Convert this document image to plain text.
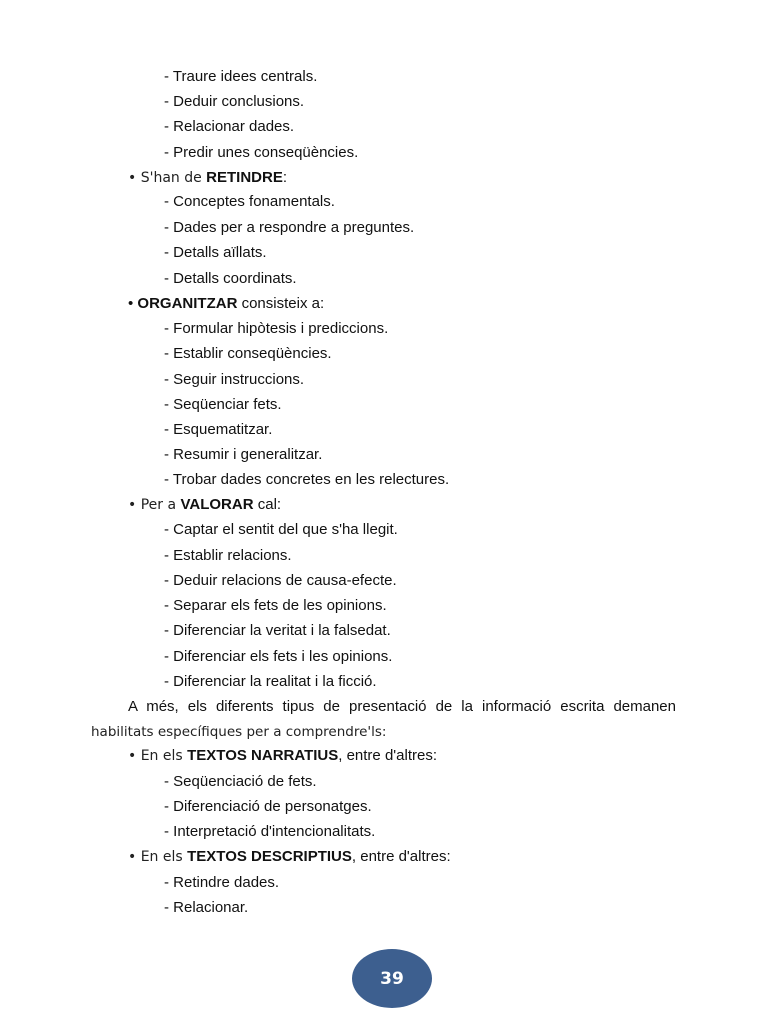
- Traure idees centrals.
- Deduir conclusions.
- Relacionar dades.
- Predir unes conseqüències.
• S'han de RETINDRE:
- Conceptes fonamentals.
- Dades per a respondre a preguntes.
- Detalls aïllats.
- Detalls coordinats.
• ORGANITZAR consisteix a:
- Formular hipòtesis i prediccions.
- Establir conseqüències.
- Seguir instruccions.
- Seqüenciar fets.
- Esquematitzar.
- Resumir i generalitzar.
- Trobar dades concretes en les relectures.
• Per a VALORAR cal:
- Captar el sentit del que s'ha llegit.
- Establir relacions.
- Deduir relacions de causa-efecte.
- Separar els fets de les opinions.
- Diferenciar la veritat i la falsedat.
- Diferenciar els fets i les opinions.
- Diferenciar la realitat i la ficció.
A més, els diferents tipus de presentació de la informació escrita demanen
habilitats específiques per a comprendre'ls:
• En els TEXTOS NARRATIUS, entre d'altres:
- Seqüenciació de fets.
- Diferenciació de personatges.
- Interpretació d'intencionalitats.
• En els TEXTOS DESCRIPTIUS, entre d'altres:
- Retindre dades.
- Relacionar.
39
